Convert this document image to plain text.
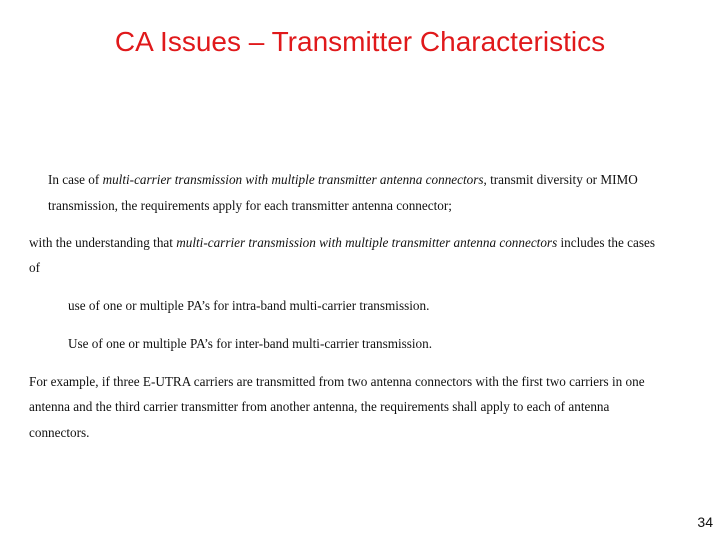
CA Issues – Transmitter Characteristics
In case of multi-carrier transmission with multiple transmitter antenna connectors, transmit diversity or MIMO
transmission, the requirements apply for each transmitter antenna connector;
with the understanding that multi-carrier transmission with multiple transmitter antenna connectors includes the cases
of
use of one or multiple PA’s for intra-band multi-carrier transmission.
Use of one or multiple PA’s for inter-band multi-carrier transmission.
For example, if three E-UTRA carriers are transmitted from two antenna connectors with the first two carriers in one
antenna and the third carrier transmitter from another antenna, the requirements shall apply to each of antenna
connectors.
34
